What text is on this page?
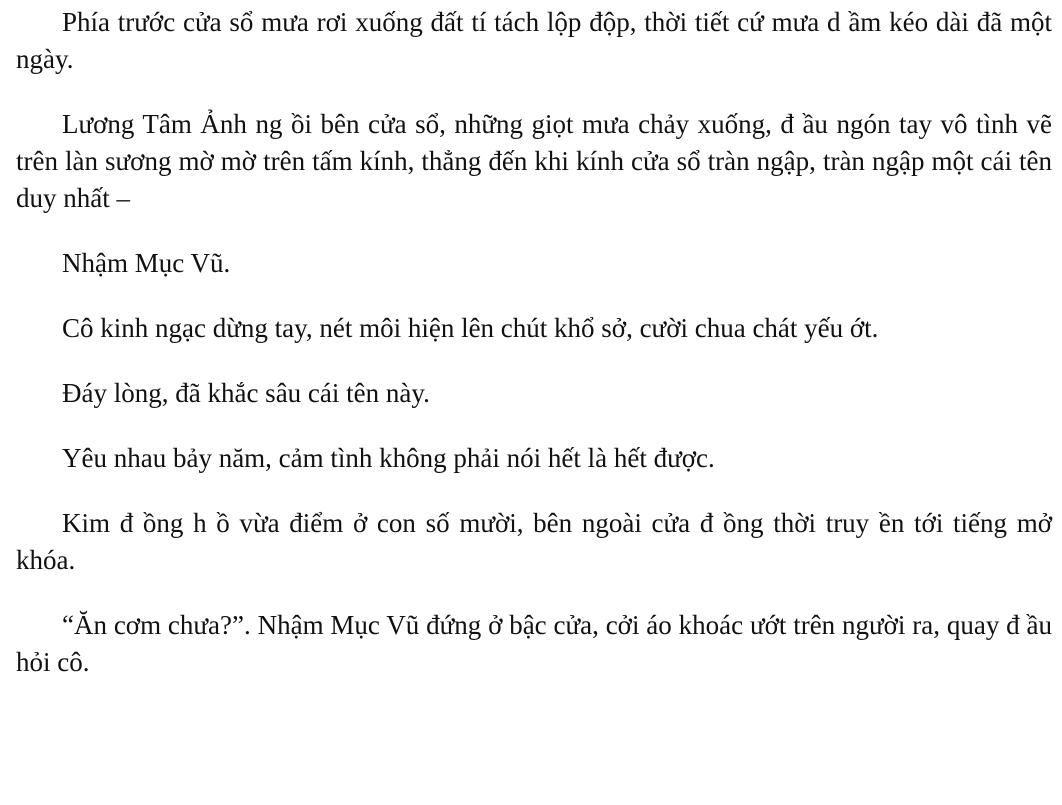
Phía trước cửa sổ mưa rơi xuống đất tí tách lộp độp, thời tiết cứ mưa d ầm kéo dài đã một ngày.

Lương Tâm Ảnh ng ồi bên cửa sổ, những giọt mưa chảy xuống, đ ầu ngón tay vô tình vẽ trên làn sương mờ mờ trên tấm kính, thẳng đến khi kính cửa sổ tràn ngập, tràn ngập một cái tên duy nhất –

Nhậm Mục Vũ.

Cô kinh ngạc dừng tay, nét môi hiện lên chút khổ sở, cười chua chát yếu ớt.

Đáy lòng, đã khắc sâu cái tên này.

Yêu nhau bảy năm, cảm tình không phải nói hết là hết được.

Kim đ ồng h ồ vừa điểm ở con số mười, bên ngoài cửa đ ồng thời truy ền tới tiếng mở khóa.

“Ăn cơm chưa?”. Nhậm Mục Vũ đứng ở bậc cửa, cởi áo khoác ướt trên người ra, quay đ ầu hỏi cô.
